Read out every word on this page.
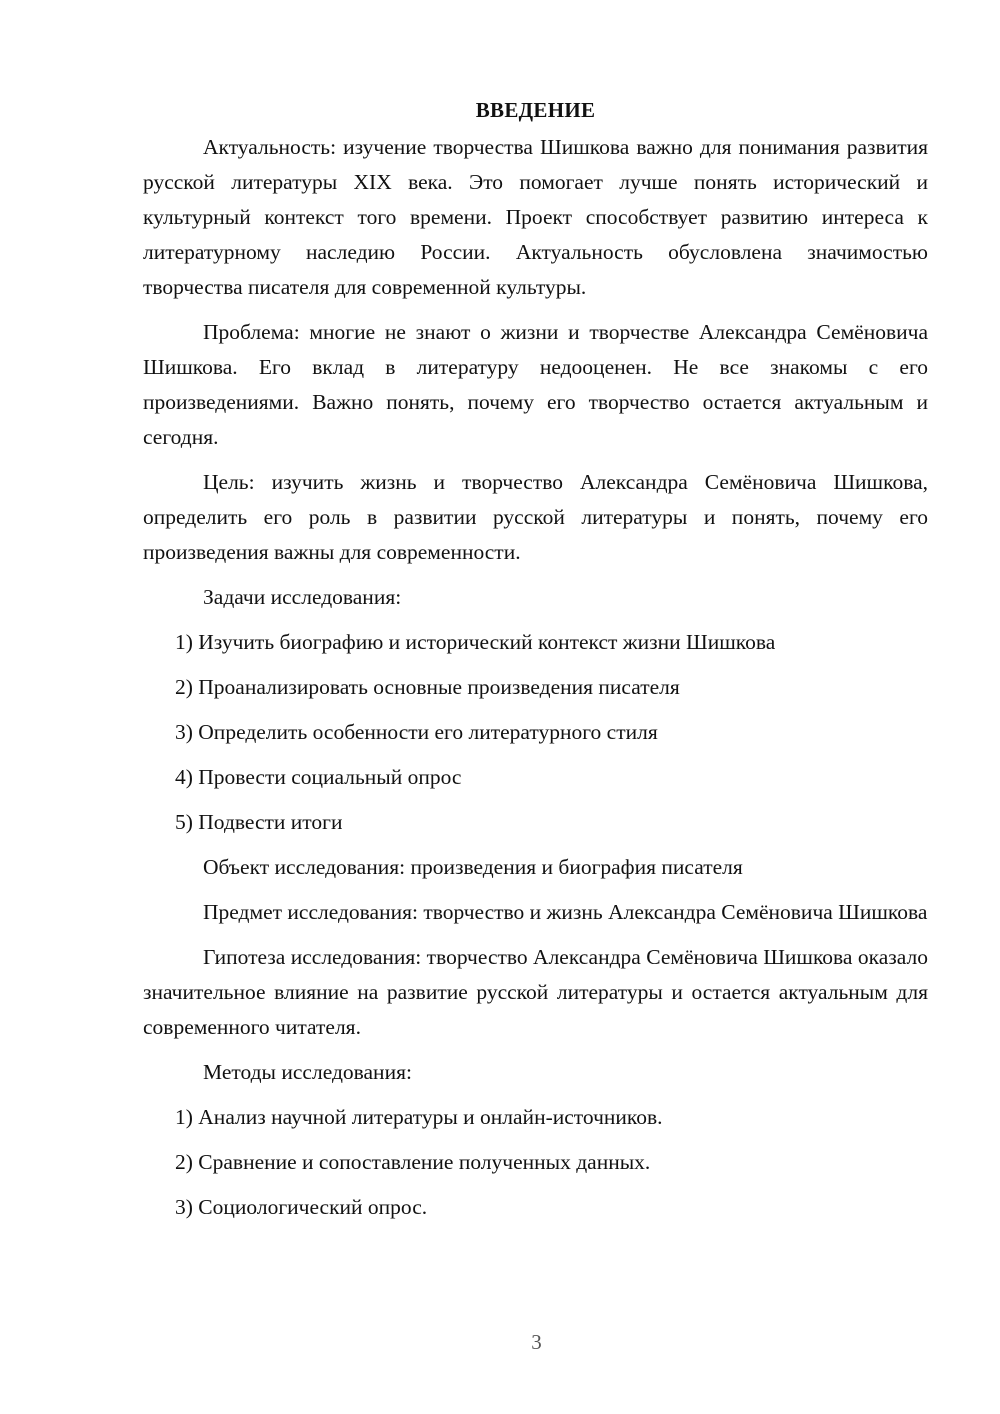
ВВЕДЕНИЕ

Актуальность: изучение творчества Шишкова важно для понимания развития русской литературы XIX века. Это помогает лучше понять исторический и культурный контекст того времени. Проект способствует развитию интереса к литературному наследию России. Актуальность обусловлена значимостью творчества писателя для современной культуры.

Проблема: многие не знают о жизни и творчестве Александра Семёновича Шишкова. Его вклад в литературу недооценен. Не все знакомы с его произведениями. Важно понять, почему его творчество остается актуальным и сегодня.

Цель: изучить жизнь и творчество Александра Семёновича Шишкова, определить его роль в развитии русской литературы и понять, почему его произведения важны для современности.

Задачи исследования:

1) Изучить биографию и исторический контекст жизни Шишкова

2) Проанализировать основные произведения писателя

3) Определить особенности его литературного стиля

4) Провести социальный опрос

5) Подвести итоги

Объект исследования: произведения и биография писателя

Предмет исследования: творчество и жизнь Александра Семёновича Шишкова

Гипотеза исследования: творчество Александра Семёновича Шишкова оказало значительное влияние на развитие русской литературы и остается актуальным для современного читателя.

Методы исследования:

1) Анализ научной литературы и онлайн-источников.

2) Сравнение и сопоставление полученных данных.

3) Социологический опрос.

3
